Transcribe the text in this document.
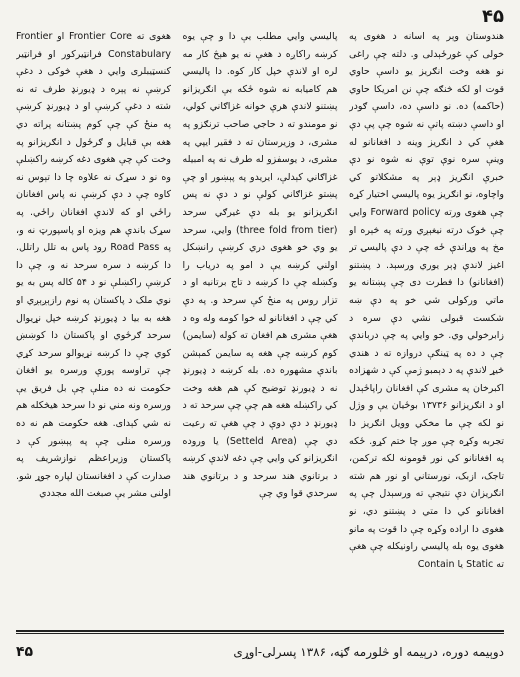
۴۵

هندوستان وېر په اسانه د هغوی په خولی کې غورځېدلی و. دلته چې راغی نو هغه وخت انګریز یو داسې حاوي قوت او لکه څنګه چې نن امریکا حاوي (حاکمه) ده. نو داسې ده، داسې ګودر او داسې دښته پاتې نه شوه چې پې دې هغې کي د انګریز وینه د افغانانو له وینې سره نوې توې نه شوه نو دې خبرې انګریز ډېر په مشکلاتو کي واچاوه، نو انګریز یوه پالیسي اختیار کړه چې هغوی ورته Forward policy وایي چې څوک درته نیغېږي ورته په څېره او مخ په وړاندې ځه چې د دې پالیسۍ تر اغیز لاندې ډېر یوري ورسېد. د پښتنو (افغانانو) دا فطرت دی چې پښتانه یو ماتي ورکولی شي خو په دې ښه شکست قبولی نشي دې سره د زابرخولي وي. خو وایي په چې درباندې چې د ده په ټینګې دروازه ته د هندي څیړ لاندې په د دېمبو ژمې کې د شهزاده اکبرخان په مشری کې افغانان راپاځېدل او د انګریزانو ۱۳۷۳۶ بوځیان یې و وژل نو لکه چې ما مخکي وویل انګریز دا تجربه وکړه چې موږ چا ختم کړو. ځکه په افغانانو کي نور قومونه لکه ترکمن، تاجک، ازبک، نورستاني او نور هم شته انګریزان دې نتیجې ته ورسېدل چې په افغانانو کي دا متي د پښتنو دي، نو هغوی دا اراده وکړه چې دا قوت په مانو هغوی یوه بله پالیسي راونیکله چې هغې ته Static یا Contain

پالیسي وایي مطلب یې دا و چې یوه کرښه راکاږه د هغې نه یو هېڅ کار مه لره او لاندې خپل کار کوه. دا پالیسي هم کامیابه نه شوه ځکه بې انګریزانو پښتنو لاندې هرې خوانه غزاګاني کولي، نو مومندو ته د حاجي صاحب ترنګزو په مشری، د وزیرستان ته د فقیر ایپي په مشری، د یوسفزو له طرف نه په امبیله غزاګاني کېدلې، ایریدو په پېښور او چې پښتو غزاګاني کولې نو د دې نه پس انګریزانو یو بله دې غیرګي سرحد (three fold from tier) وایي، سرحد یو وي خو هغوی دري کرښې رانښکل اولني کرښه یې د امو په دریاب را وکښله چې دا کرښه د تاج برتانیه او د تزار روس په منځ کې سرحد و. په دې کي چې د افغانانو له خوا کومه وله وه د هغې مشری هم افغان ته کوله (سایمن) کوم کرښه چې هغه په سایمن کمېشن باندې مشهوره ده. بله کرښه د ډیورنډ نه د ډیورنډ توضیح کې هم هغه وخت کي راکښله هغه هم چې چې سرحد ته د ډیورنډ د دې دوې د چې هغې ته رعیت دي چې (Setteld Area) یا وروده انګریزانو کي وایي چې دغه لاندې کرښه د برتانوي هند سرحد و د برتانوي هند سرحدي قوا وي چې

هغوی ته Frontier Core او Frontier Constabulary فرانټیرکور او فرانټیر کنسټیبلری وایي د هغې څوکی د دغې کرښې نه پېره د ډیورنډ طرف ته نه شته د دغې کرښې او د ډیورنډ کرښې په منځ کې چې کوم پښتانه پراته دي هغه بې قبایل و ګرځول د انګریزانو په وخت کې چې هغوی دغه کرښه راکښلې وه نو د سړک نه علاوه چا دا تېوس نه کاوه چې د دې کرښې نه پاس افغانان راځي او که لاندې افغانان راځي. په سړک باندې هم ویزه او پاسپورټ نه و، په Road Pass رود پاس به تلل راتلل. دا کرښه د سره سرحد نه و، چې دا کرښې راکښلې نو د ۵۴ کاله پس به یو نوي ملک د پاکستان په نوم رازېږېږي او هغه به بیا د ډیورنډ کرښه خپل نړیوال سرحد ګرځوي او پاکستان دا کوښښ کوي چې دا کرښه نړیوالو سرحد کړي چې تراوسه پورې ورسره یو افغان حکومت نه ده منلې چې بل فریق یې ورسره ونه مني نو دا سرحد هیڅکله هم نه شي کېدای. هغه حکومت هم نه ده ورسره منلی چې په پېښور کې د پاکستان وزیراعظم نوازشریف په صدارت کې د افغانستان لپاره جوړ شو. اولنی مشر یې صبغت الله مجددي

۴۵	دوېيمه دوره، درېيمه او څلورمه ګڼه، ۱۳۸۶ پسرلی-اوړی
